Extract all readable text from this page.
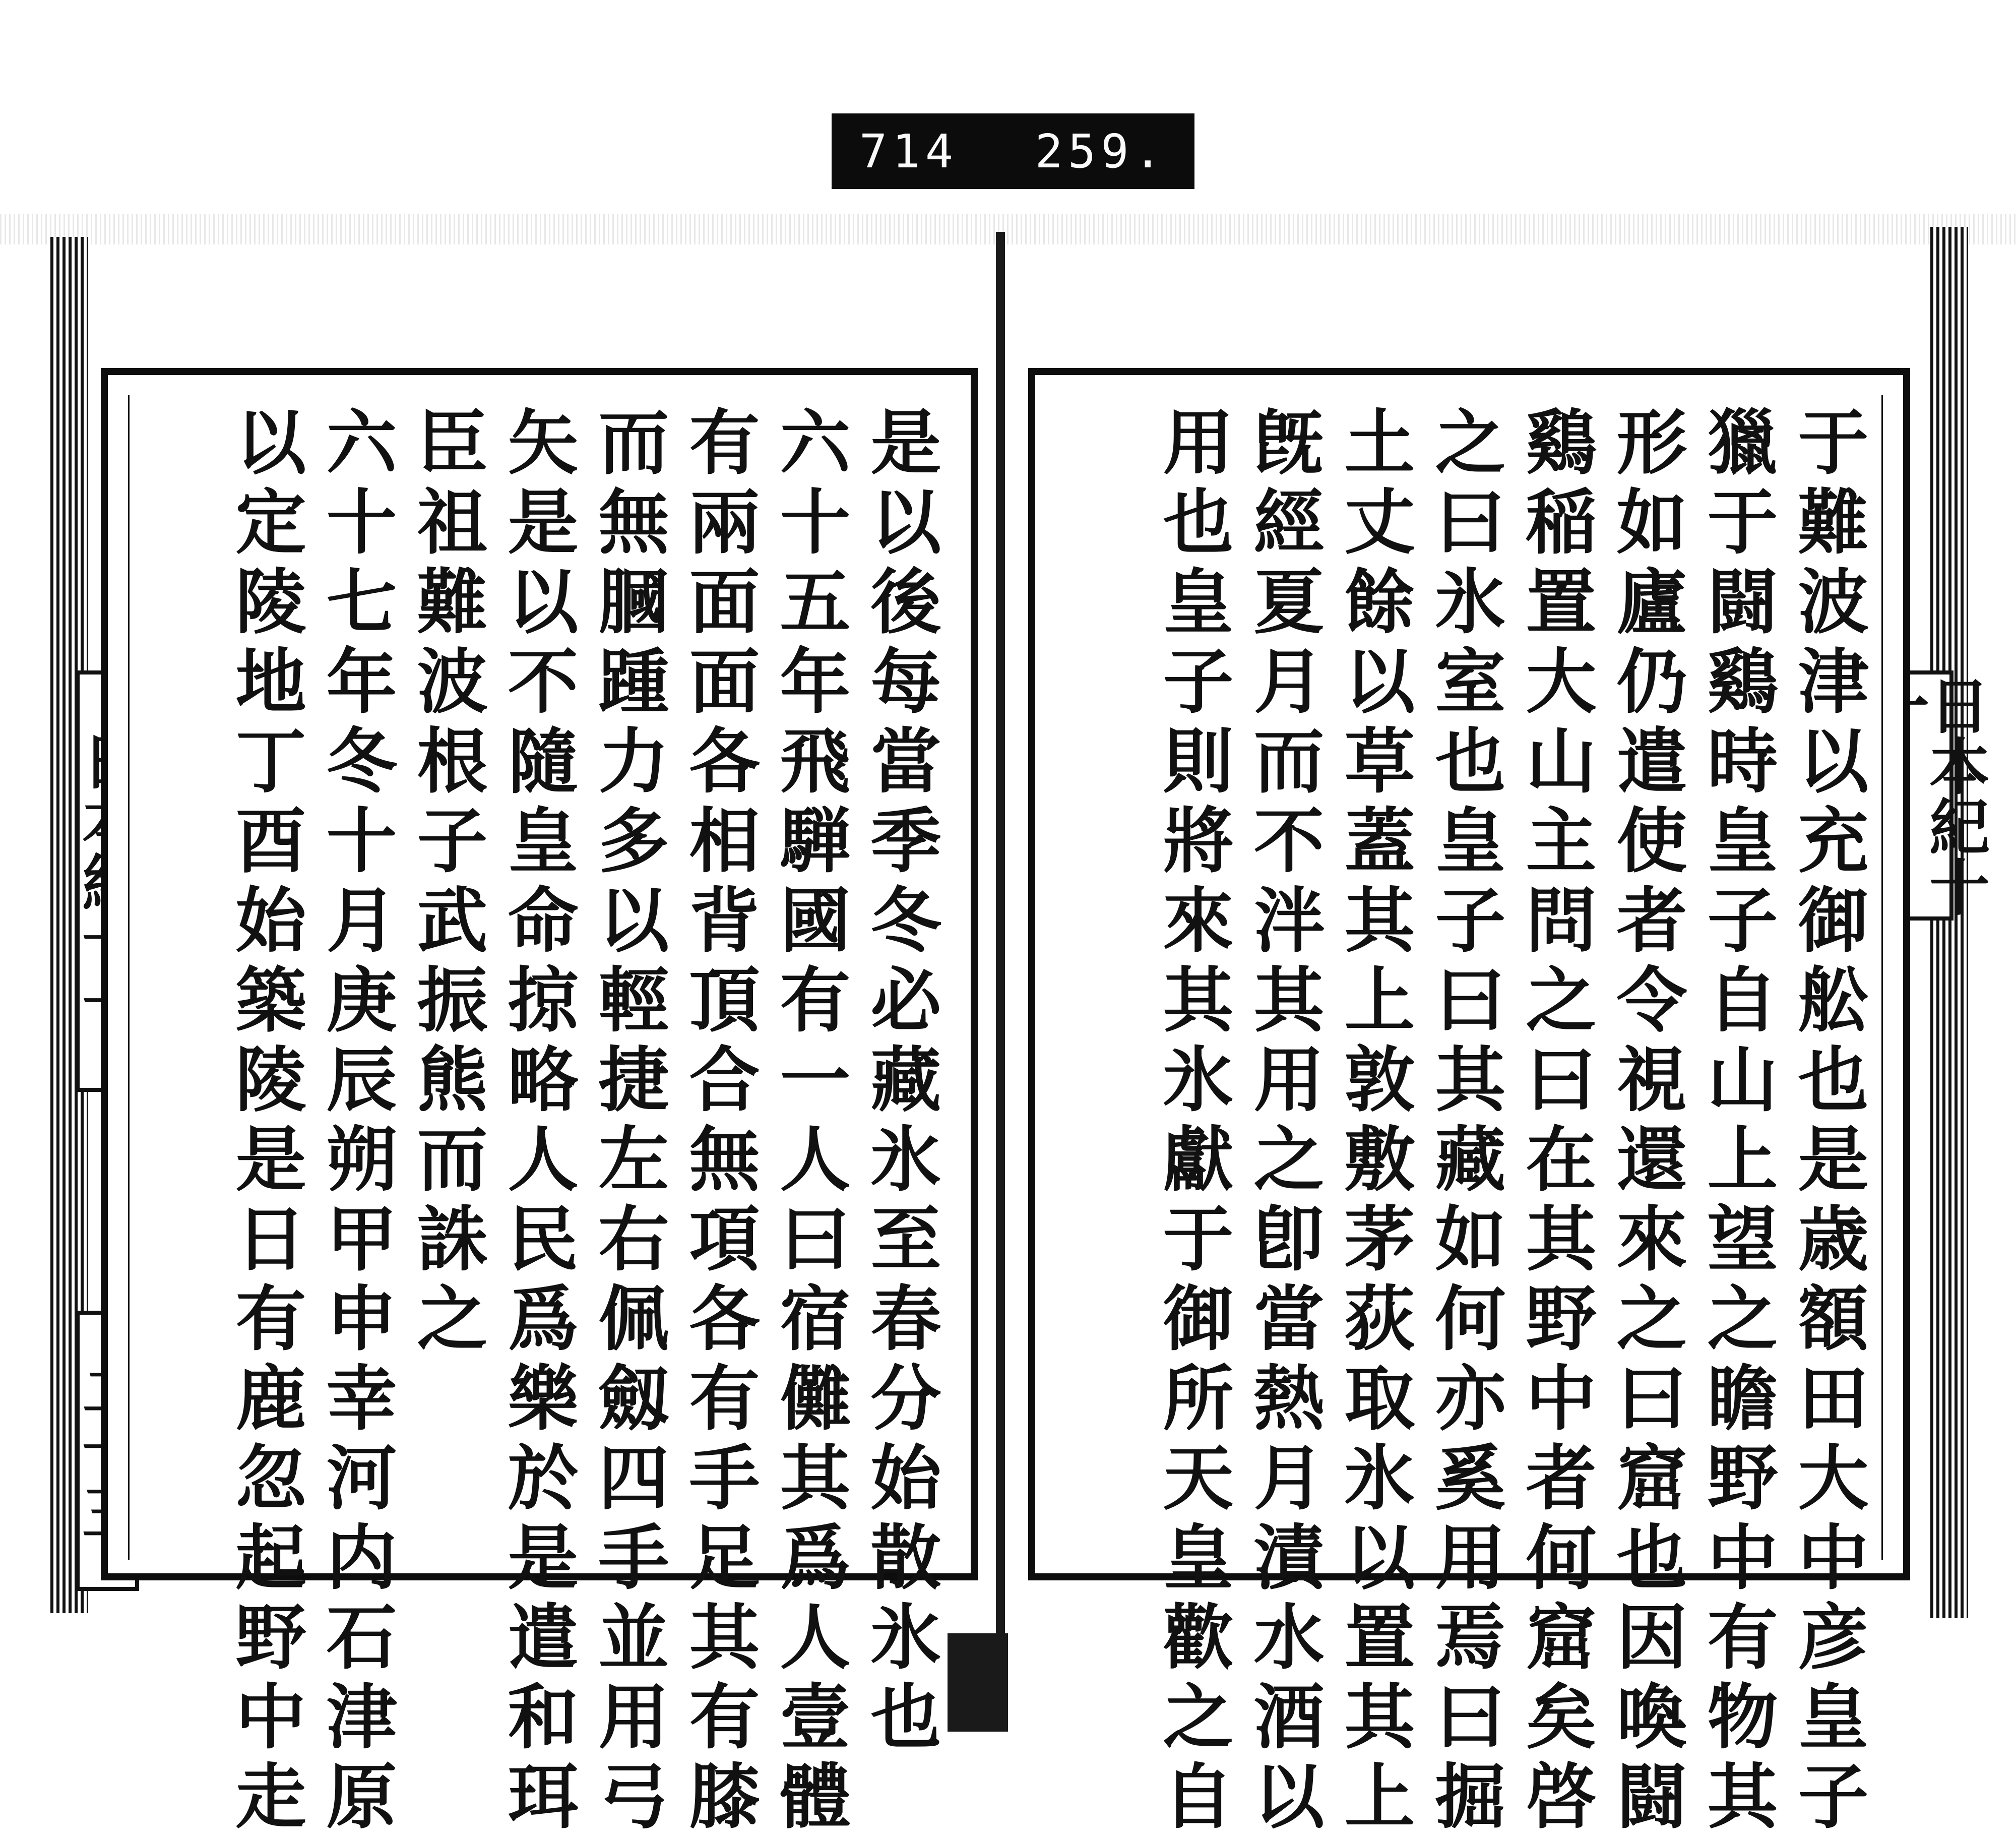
714 259.
日本紀十
是以後每當季冬必藏氷至春分始散氷也
六十五年飛騨國有一人曰宿儺其爲人壹體
有兩面面各相背頂合無項各有手足其有膝
而無膕踵力多以輕捷左右佩劔四手並用弓
矢是以不隨皇命掠略人民爲樂於是遣和珥
臣祖難波根子武振熊而誅之
六十七年冬十月庚辰朔甲申幸河内石津原
以定陵地丁酉始築陵是日有鹿忽起野中走	于難波津以充御舩也是歳額田大中彦皇子
獵于闘鷄時皇子自山上望之瞻野中有物其
形如廬仍遣使者令視還來之曰窟也因喚闘
鷄稲置大山主問之曰在其野中者何窟矣啓
之曰氷室也皇子曰其藏如何亦奚用焉曰掘
土丈餘以草蓋其上敦敷茅荻取氷以置其上
旣經夏月而不泮其用之卽當熱月漬水酒以
用也皇子則將來其氷獻于御所天皇歡之自
